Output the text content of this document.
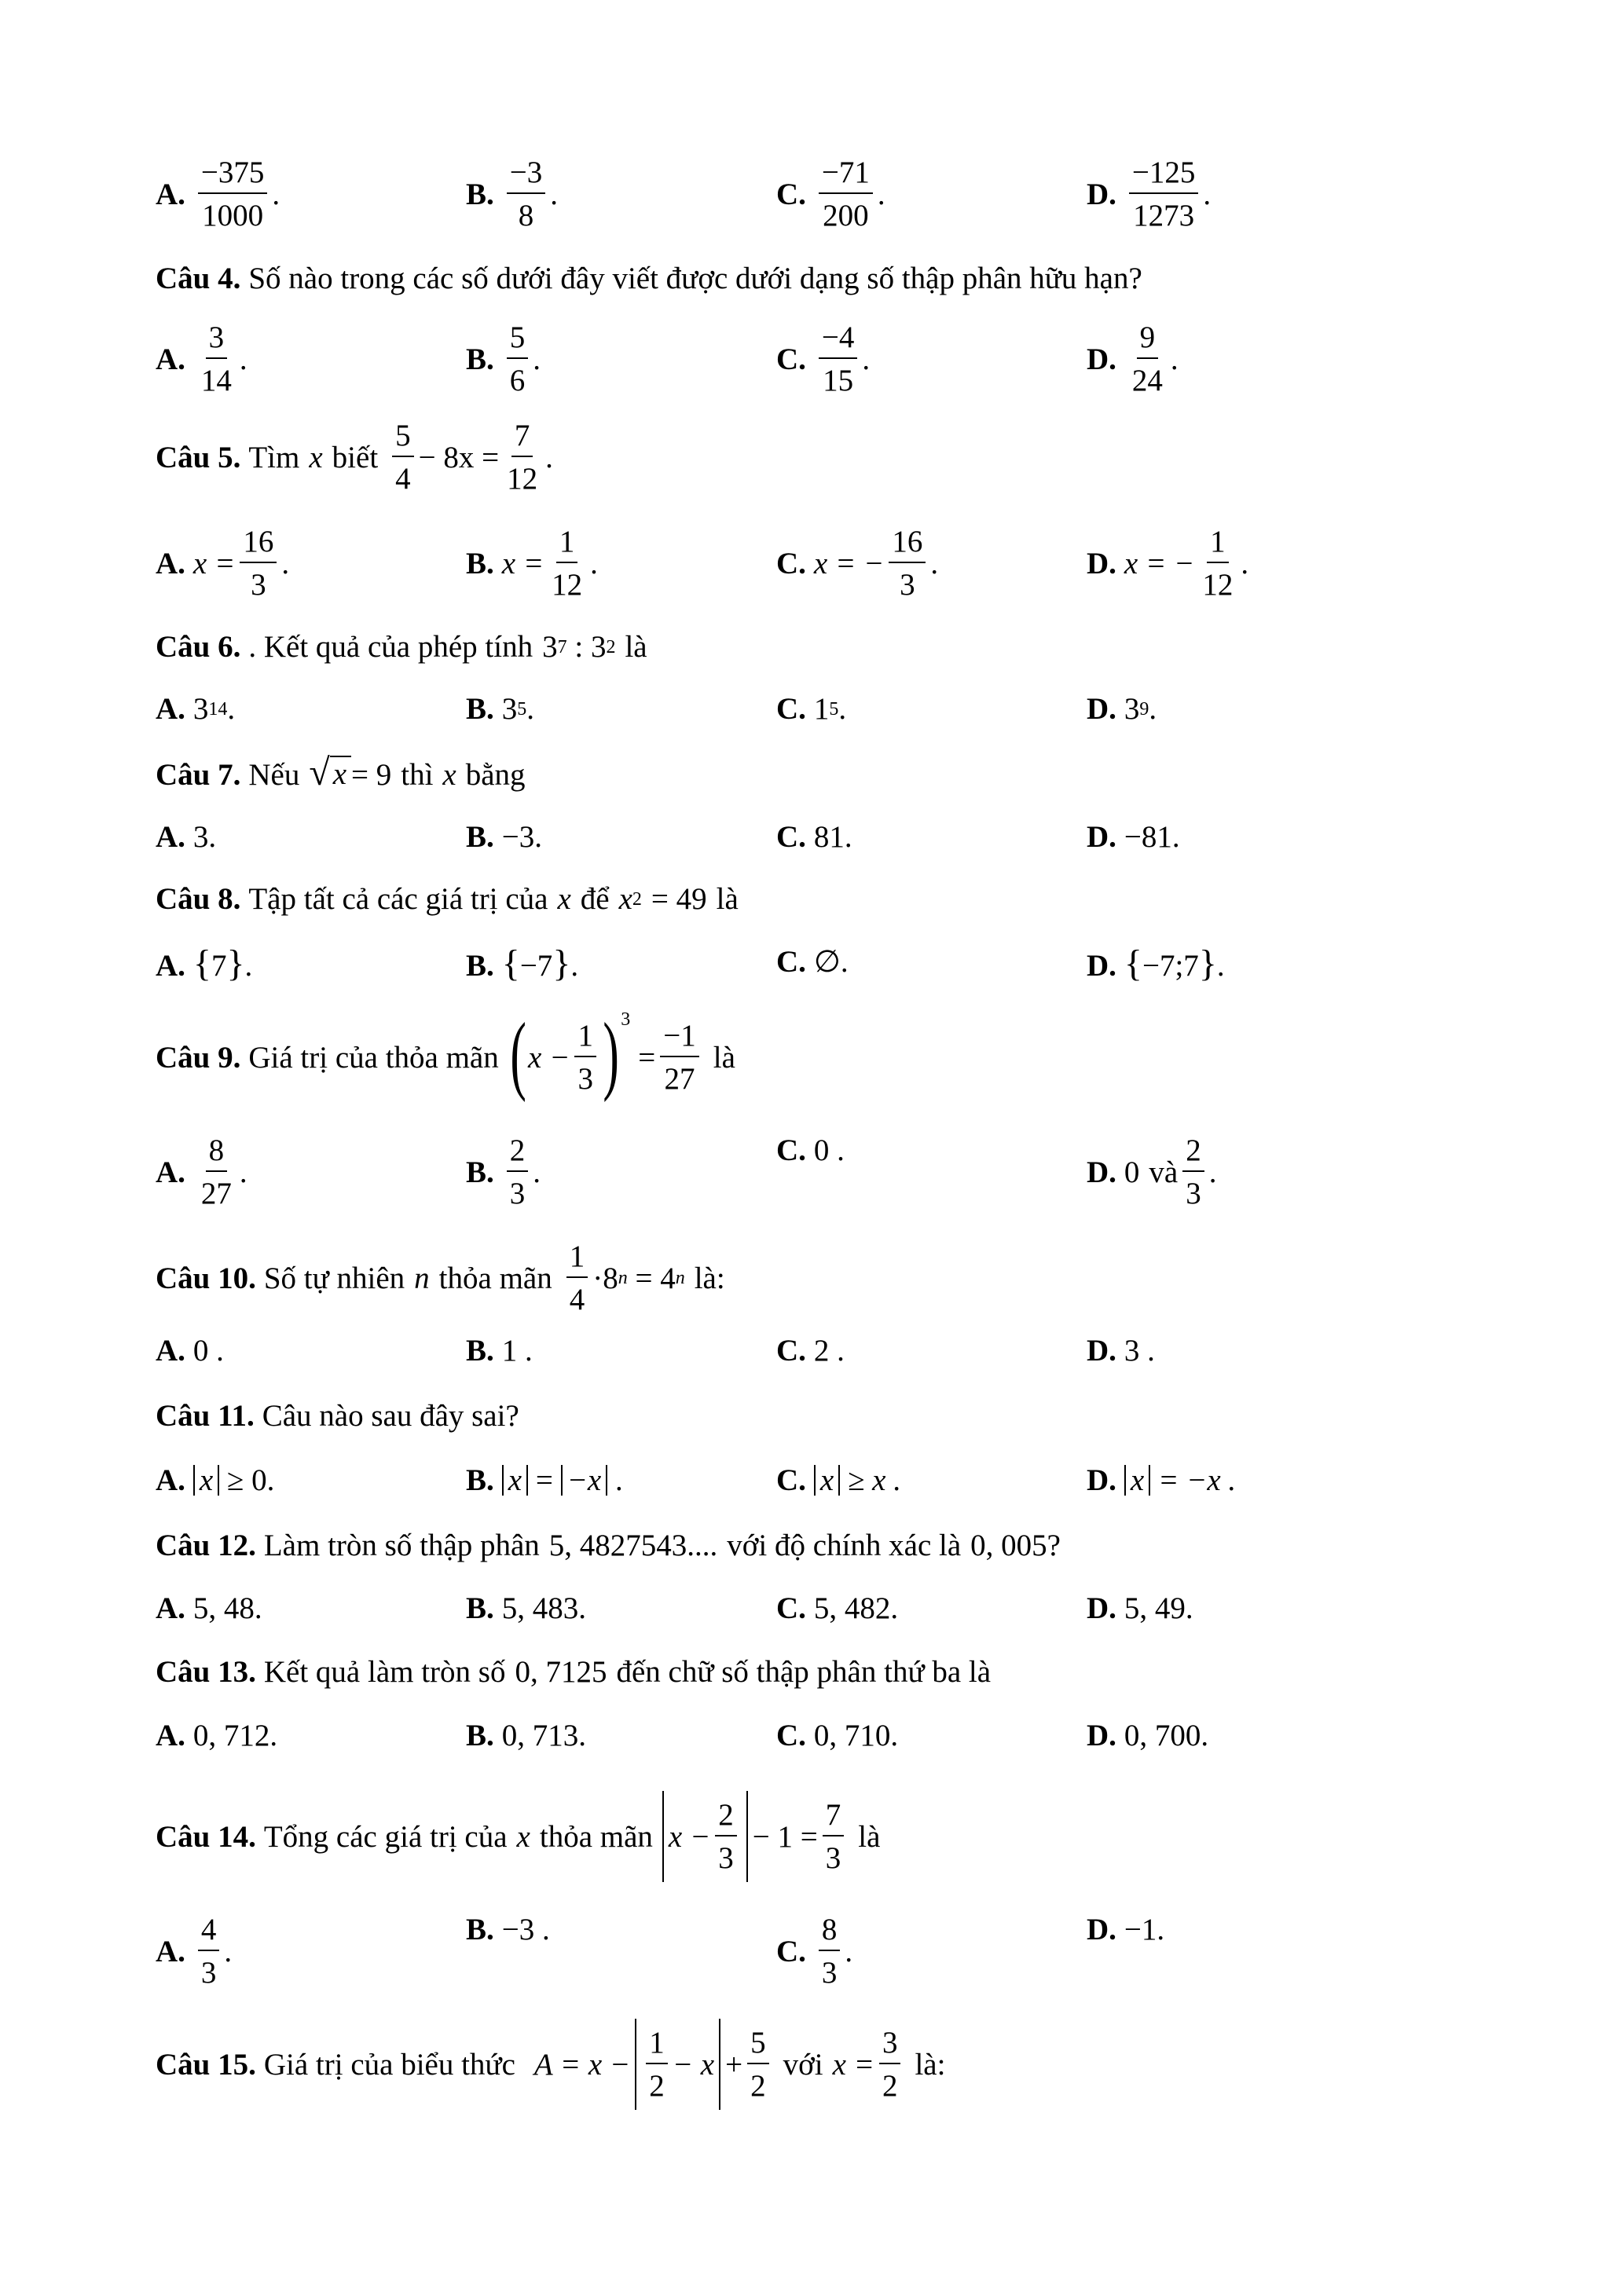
A. $\frac{-375}{1000}$ .	B. $\frac{-3}{8}$ .	C. $\frac{-71}{200}$ .	D. $\frac{-125}{1273}$ .
Câu 4. Số nào trong các số dưới đây viết được dưới dạng số thập phân hữu hạn?
A. $\frac{3}{14}$ .	B. $\frac{5}{6}$ .	C. $\frac{-4}{15}$ .	D. $\frac{9}{24}$ .
Câu 5. Tìm x biết $\frac{5}{4} - 8x = \frac{7}{12}$ .
A. $x = \frac{16}{3}$ .	B. $x = \frac{1}{12}$ .	C. x = − $\frac{16}{3}$ .	D. x = − $\frac{1}{12}$ .
Câu 6. . Kết quả của phép tính 3 7 : 3 2 là
A. 3 14 .	B. 3 5 .	C. 1 5 .	D. 3 9 .
Câu 7. Nếu √ x = 9 thì x bằng
A. 3.	B. −3.	C. 81.	D. −81.
Câu 8. Tập tất cả các giá trị của x để x 2 = 49 là
A. { 7 } .	B. { −7 } .	C. ∅.	D. { −7;7 } .
Câu 9. Giá trị của thỏa mãn ( $x - \frac{1}{3}$ ) 3
= $\frac{-1}{27}$ là
A. $\frac{8}{27}$ .	B. $\frac{2}{3}$ .
C. 0 .
D. 0 và $\frac{2}{3}$ .
Câu 10. Số tự nhiên n thỏa mãn $\frac{1}{4} \cdot 8$ n = 4 n là:
A. 0 .	B. 1 .	C. 2 .	D. 3 .
Câu 11. Câu nào sau đây sai?
A. x ≥ 0.	B. x = −x .	C. x ≥ x .	D. x = −x .
Câu 12. Làm tròn số thập phân 5, 4827543.... với độ chính xác là 0, 005 ?
A. 5, 48.	B. 5, 483.	C. 5, 482.	D. 5, 49.
Câu 13. Kết quả làm tròn số 0, 7125 đến chữ số thập phân thứ ba là
A. 0, 712.	B. 0, 713.	C. 0, 710.	D. 0, 700.
Câu 14. Tổng các giá trị của x thỏa mãn $x - \frac{2}{3} - 1 = \frac{7}{3}$ là
A. $\frac{4}{3}$ .
B. −3 .
C. $\frac{8}{3}$ .
D. −1.
Câu 15. Giá trị của biểu thức $A = x - \frac{1}{2} - x + \frac{5}{2}$ với $x = \frac{3}{2}$ là:
